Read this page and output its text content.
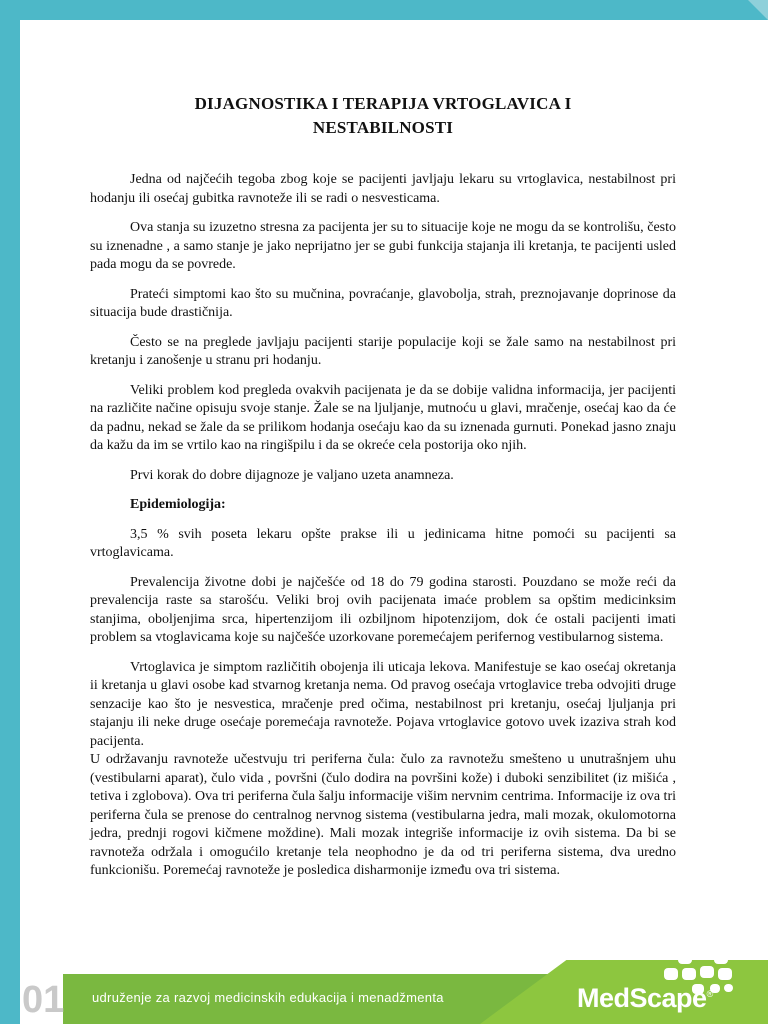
DIJAGNOSTIKA I TERAPIJA VRTOGLAVICA I
NESTABILNOSTI

Jedna od najčećih tegoba zbog koje se pacijenti javljaju lekaru su vrtoglavica, nestabilnost pri hodanju ili osećaj gubitka ravnoteže ili se radi o nesvesticama.

Ova stanja su izuzetno stresna za pacijenta jer su to situacije koje ne mogu da se kontrolišu, često su iznenadne , a samo stanje je jako neprijatno jer se gubi funkcija stajanja ili kretanja, te pacijenti usled pada mogu da se povrede.

Prateći simptomi kao što su mučnina, povraćanje, glavobolja, strah, preznojavanje doprinose da situacija bude drastičnija.

Često se na preglede javljaju pacijenti starije populacije koji se žale samo na nestabilnost pri kretanju i zanošenje u stranu pri hodanju.

Veliki problem kod pregleda ovakvih pacijenata je da se dobije validna informacija, jer pacijenti na različite načine opisuju svoje stanje. Žale se na ljuljanje, mutnoću u glavi, mračenje, osećaj kao da će da padnu, nekad se žale da se prilikom hodanja osećaju kao da su iznenada gurnuti. Ponekad jasno znaju da kažu da im se vrtilo kao na ringišpilu i da se okreće cela postorija oko njih.

Prvi korak do dobre dijagnoze je valjano uzeta anamneza.

Epidemiologija:

3,5 % svih poseta lekaru opšte prakse ili u jedinicama hitne pomoći su pacijenti sa vrtoglavicama.

Prevalencija životne dobi je najčešće od 18 do 79 godina starosti. Pouzdano se može reći da prevalencija raste sa starošću. Veliki broj ovih pacijenata imaće problem sa opštim medicinksim stanjima, oboljenjima srca, hipertenzijom ili ozbiljnom hipotenzijom, dok će ostali pacijenti imati problem sa vtoglavicama koje su najčešće uzorkovane poremećajem perifernog vestibularnog sistema.

Vrtoglavica je simptom različitih obojenja ili uticaja lekova. Manifestuje se kao osećaj okretanja ii kretanja u glavi osobe kad stvarnog kretanja nema. Od pravog osećaja vrtoglavice treba odvojiti druge senzacije kao što je nesvestica, mračenje pred očima, nestabilnost pri kretanju, osećaj ljuljanja pri stajanju ili neke druge osećaje poremećaja ravnoteže. Pojava vrtoglavice gotovo uvek izaziva strah kod pacijenta.

U održavanju ravnoteže učestvuju tri periferna čula: čulo za ravnotežu smešteno u unutrašnjem uhu (vestibularni aparat), čulo vida , površni (čulo dodira na površini kože) i duboki senzibilitet (iz mišića , tetiva i zglobova). Ova tri periferna čula šalju informacije višim nervnim centrima. Informacije iz ova tri periferna čula se prenose do centralnog nervnog sistema (vestibularna jedra, mali mozak, okulomotorna jedra, prednji rogovi kičmene moždine). Mali mozak integriše informacije iz ovih sistema. Da bi se ravnoteža održala i omogućilo kretanje tela neophodno je da od tri periferna sistema, dva uredno funkcionišu. Poremećaj ravnoteže je posledica disharmonije između ova tri sistema.

01 udruženje za razvoj medicinskih edukacija i menadžmenta	MedScape®
